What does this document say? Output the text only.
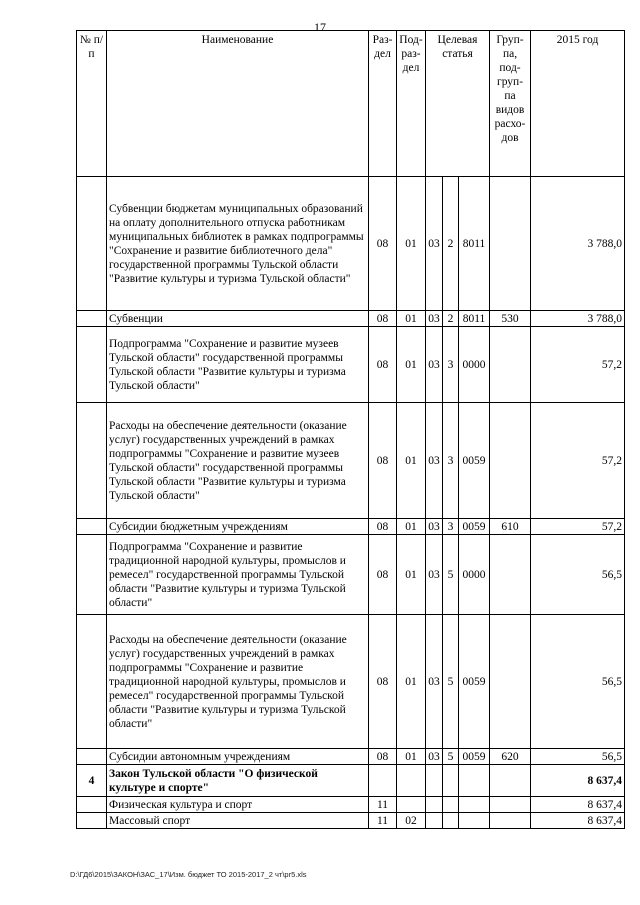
17
№ п/п	Наименование	Раз- дел	Под- раз- дел	Целевая статья			Груп- па, под- груп- па видов расхо- дов	2015 год
	Субвенции бюджетам муниципальных образований на оплату дополнительного отпуска работникам муниципальных библиотек в рамках подпрограммы "Сохранение и развитие библиотечного дела" государственной программы Тульской области "Развитие культуры и туризма Тульской области"	08	01	03	2	8011		3 788,0
	Субвенции	08	01	03	2	8011	530	3 788,0
	Подпрограмма "Сохранение и развитие музеев Тульской области" государственной программы Тульской области "Развитие культуры и туризма Тульской области"	08	01	03	3	0000		57,2
	Расходы на обеспечение деятельности (оказание услуг) государственных учреждений в рамках подпрограммы "Сохранение и развитие музеев Тульской области" государственной программы Тульской области "Развитие культуры и туризма Тульской области"	08	01	03	3	0059		57,2
	Субсидии бюджетным учреждениям	08	01	03	3	0059	610	57,2
	Подпрограмма "Сохранение и развитие традиционной народной культуры, промыслов и ремесел" государственной программы Тульской области "Развитие культуры и туризма Тульской области"	08	01	03	5	0000		56,5
	Расходы на обеспечение деятельности (оказание услуг) государственных учреждений в рамках подпрограммы "Сохранение и развитие традиционной народной культуры, промыслов и ремесел" государственной программы Тульской области "Развитие культуры и туризма Тульской области"	08	01	03	5	0059		56,5
	Субсидии автономным учреждениям	08	01	03	5	0059	620	56,5
4	Закон Тульской области "О физической культуре и спорте"							8 637,4
	Физическая культура и спорт	11						8 637,4
	Массовый спорт	11	02					8 637,4
D:\ГД6\2015\ЗАКОН\ЗАС_17\Изм. бюджет ТО 2015-2017_2 чт\pr5.xls
